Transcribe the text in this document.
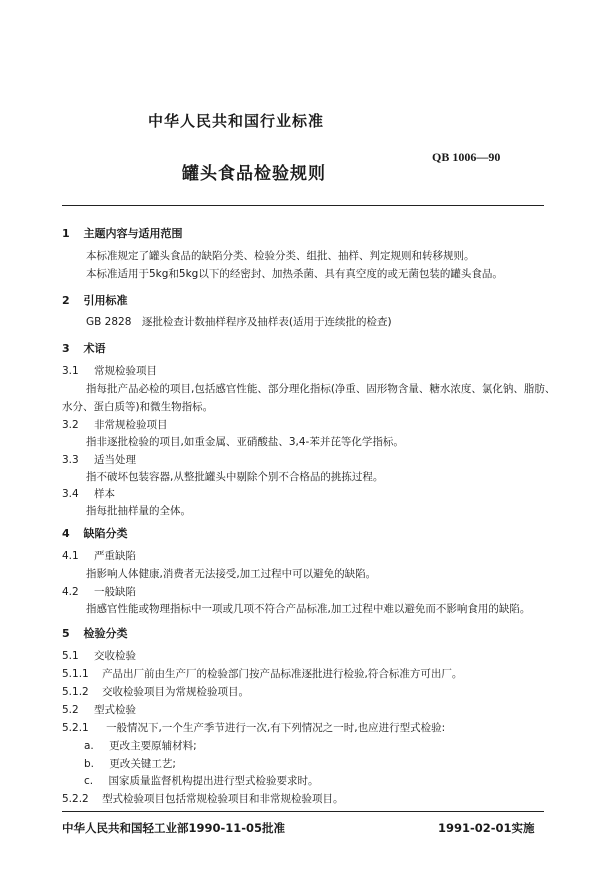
中华人民共和国行业标准
罐头食品检验规则
QB 1006—90
1 主题内容与适用范围
本标准规定了罐头食品的缺陷分类、检验分类、组批、抽样、判定规则和转移规则。
本标准适用于5kg和5kg以下的经密封、加热杀菌、具有真空度的或无菌包装的罐头食品。
2 引用标准
GB 2828　逐批检查计数抽样程序及抽样表(适用于连续批的检查)
3 术语
3.1 常规检验项目
指每批产品必检的项目,包括感官性能、部分理化指标(净重、固形物含量、糖水浓度、氯化钠、脂肪、
水分、蛋白质等)和微生物指标。
3.2 非常规检验项目
指非逐批检验的项目,如重金属、亚硝酸盐、3,4-苯并芘等化学指标。
3.3 适当处理
指不破坏包装容器,从整批罐头中剔除个别不合格品的挑拣过程。
3.4 样本
指每批抽样量的全体。
4 缺陷分类
4.1 严重缺陷
指影响人体健康,消费者无法接受,加工过程中可以避免的缺陷。
4.2 一般缺陷
指感官性能或物理指标中一项或几项不符合产品标准,加工过程中难以避免而不影响食用的缺陷。
5 检验分类
5.1 交收检验
5.1.1 产品出厂前由生产厂的检验部门按产品标准逐批进行检验,符合标准方可出厂。
5.1.2 交收检验项目为常规检验项目。
5.2 型式检验
5.2.1 一般情况下,一个生产季节进行一次,有下列情况之一时,也应进行型式检验:
a. 更改主要原辅材料;
b. 更改关键工艺;
c. 国家质量监督机构提出进行型式检验要求时。
5.2.2 型式检验项目包括常规检验项目和非常规检验项目。
中华人民共和国轻工业部1990-11-05批准	1991-02-01实施
